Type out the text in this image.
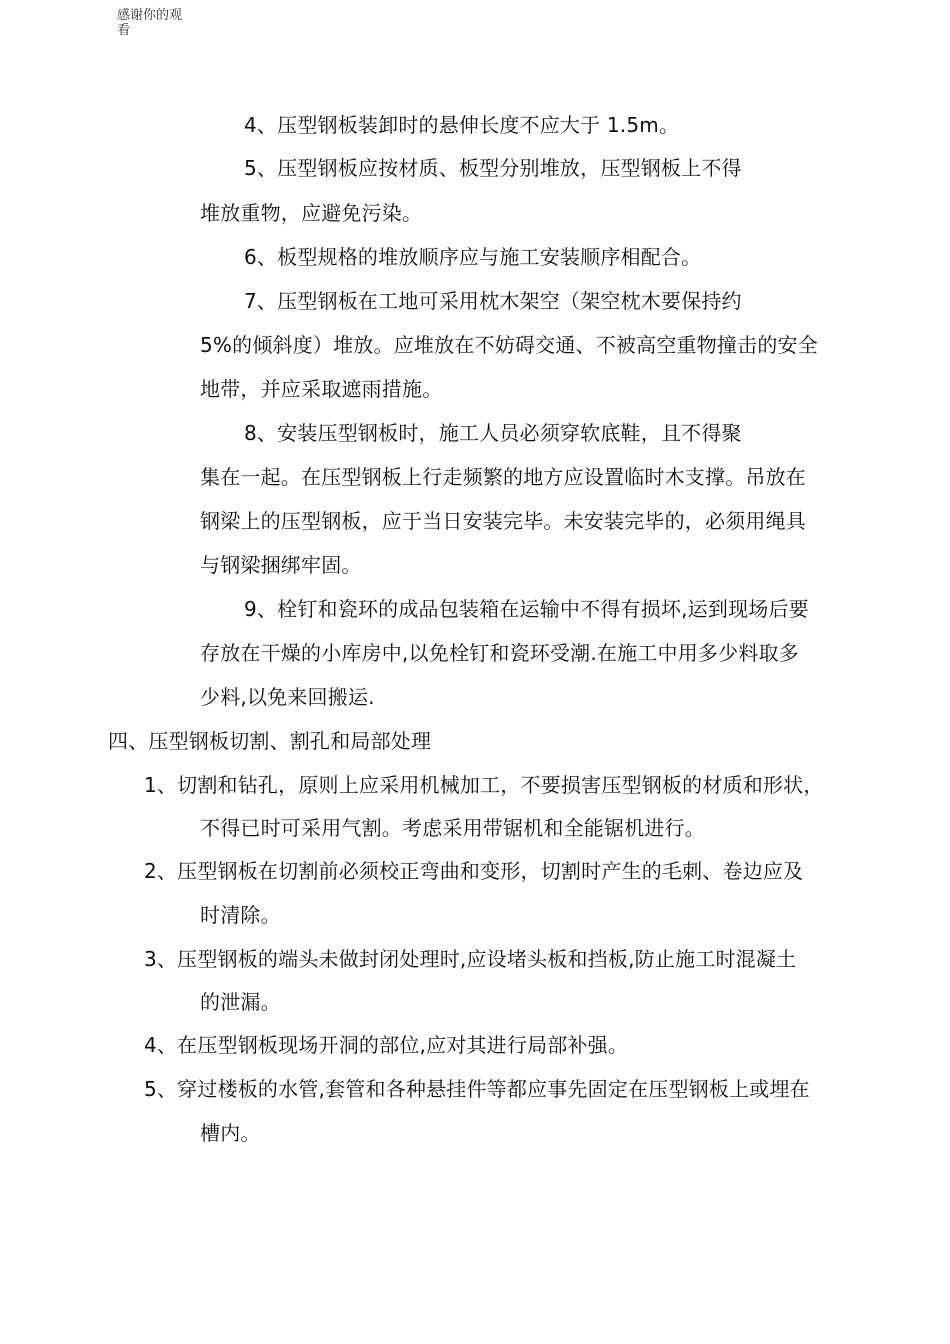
感谢你的观
看
4、压型钢板装卸时的悬伸长度不应大于 1.5m。
5、压型钢板应按材质、板型分别堆放，压型钢板上不得
堆放重物，应避免污染。
6、板型规格的堆放顺序应与施工安装顺序相配合。
7、压型钢板在工地可采用枕木架空（架空枕木要保持约
5%的倾斜度）堆放。应堆放在不妨碍交通、不被高空重物撞击的安全
地带，并应采取遮雨措施。
8、安装压型钢板时，施工人员必须穿软底鞋，且不得聚
集在一起。在压型钢板上行走频繁的地方应设置临时木支撑。吊放在
钢梁上的压型钢板，应于当日安装完毕。未安装完毕的，必须用绳具
与钢梁捆绑牢固。
9、栓钉和瓷环的成品包装箱在运输中不得有损坏,运到现场后要
存放在干燥的小库房中,以免栓钉和瓷环受潮.在施工中用多少料取多
少料,以免来回搬运.
四、压型钢板切割、割孔和局部处理
1、切割和钻孔，原则上应采用机械加工，不要损害压型钢板的材质和形状，
不得已时可采用气割。考虑采用带锯机和全能锯机进行。
2、压型钢板在切割前必须校正弯曲和变形，切割时产生的毛刺、卷边应及
时清除。
3、压型钢板的端头未做封闭处理时,应设堵头板和挡板,防止施工时混凝土
的泄漏。
4、在压型钢板现场开洞的部位,应对其进行局部补强。
5、穿过楼板的水管,套管和各种悬挂件等都应事先固定在压型钢板上或埋在
槽内。
